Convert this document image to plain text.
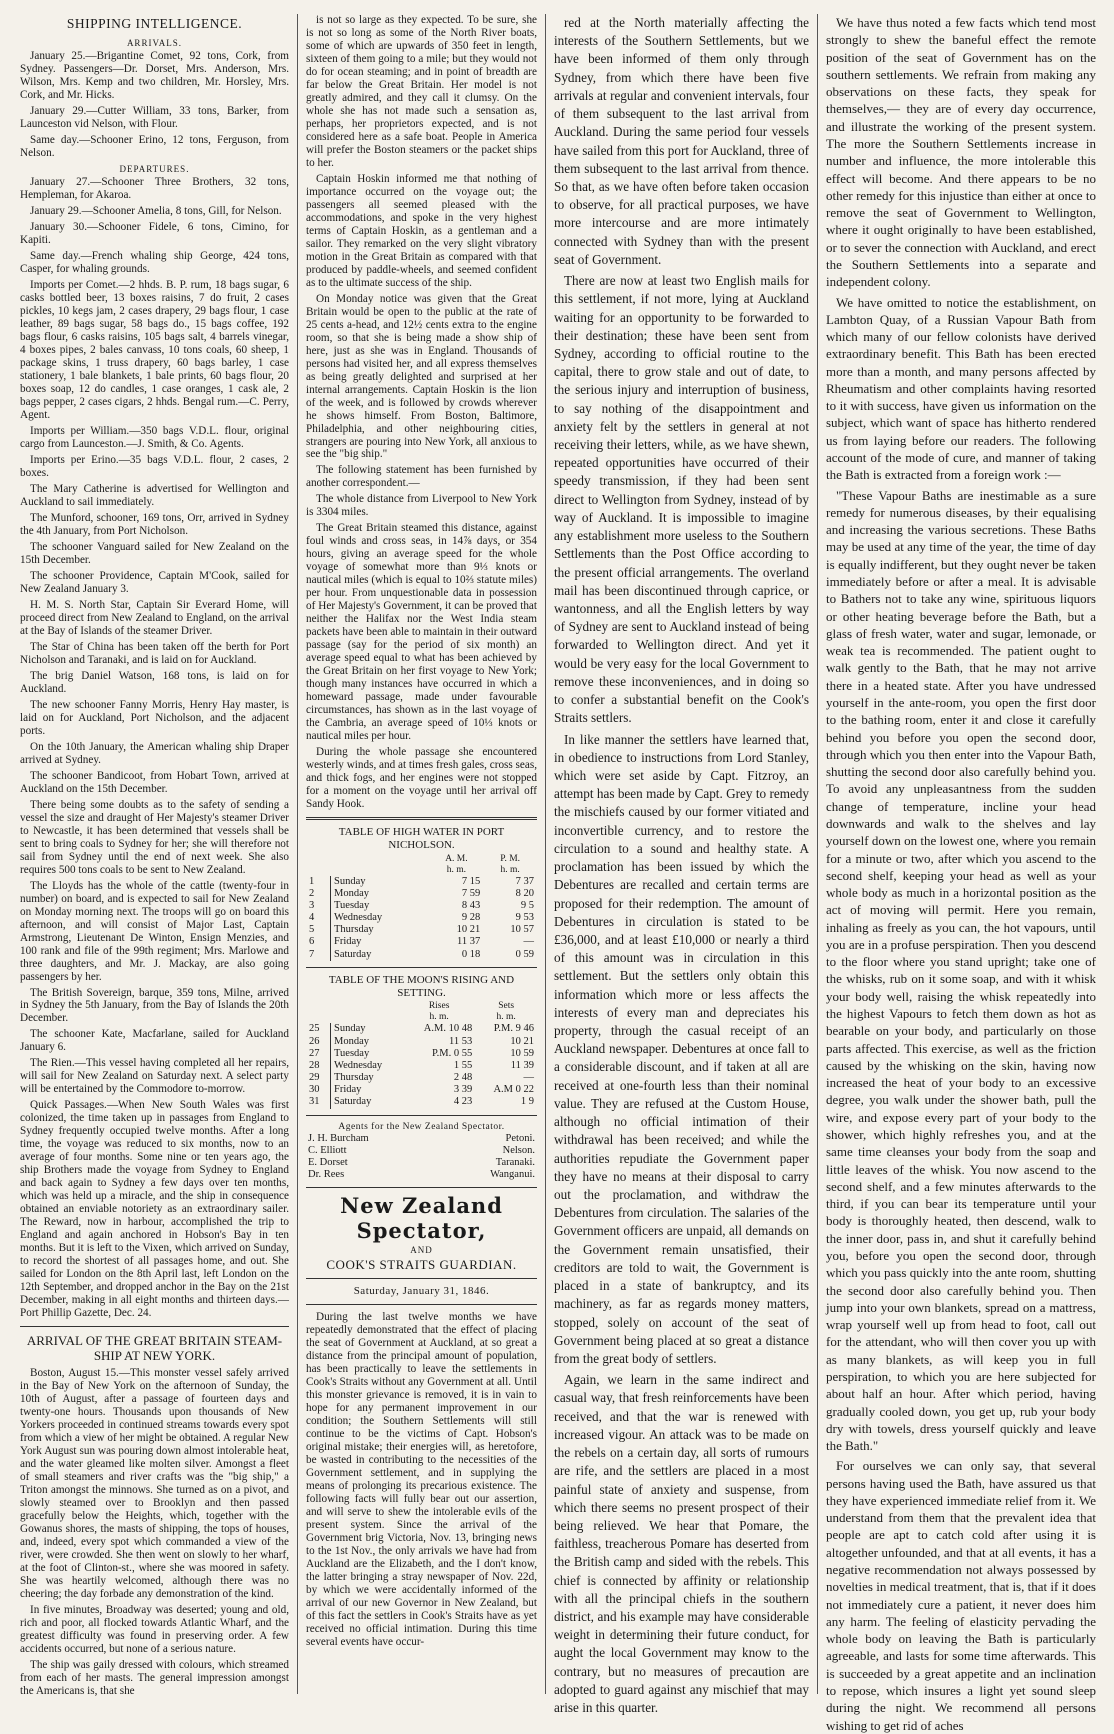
SHIPPING INTELLIGENCE.
ARRIVALS.

January 25.—Brigantine Comet, 92 tons, Cork, from Sydney. Passengers—Dr. Dorset, Mrs. Anderson, Mrs. Wilson, Mrs. Kemp and two children, Mr. Horsley, Mrs. Cork, and Mr. Hicks.

January 29.—Cutter William, 33 tons, Barker, from Launceston vid Nelson, with Flour.

Same day.—Schooner Erino, 12 tons, Ferguson, from Nelson.

DEPARTURES.

January 27.—Schooner Three Brothers, 32 tons, Hempleman, for Akaroa.

January 29.—Schooner Amelia, 8 tons, Gill, for Nelson.

January 30.—Schooner Fidele, 6 tons, Cimino, for Kapiti.

Same day.—French whaling ship George, 424 tons, Casper, for whaling grounds.

Imports per Comet.—2 hhds. B. P. rum, 18 bags sugar, 6 casks bottled beer, 13 boxes raisins, 7 do fruit, 2 cases pickles, 10 kegs jam, 2 cases drapery, 29 bags flour, 1 case leather, 89 bags sugar, 58 bags do., 15 bags coffee, 192 bags flour, 6 casks raisins, 105 bags salt, 4 barrels vinegar, 4 boxes pipes, 2 bales canvass, 10 tons coals, 60 sheep, 1 package skins, 1 truss drapery, 60 bags barley, 1 case stationery, 1 bale blankets, 1 bale prints, 60 bags flour, 20 boxes soap, 12 do candles, 1 case oranges, 1 cask ale, 2 bags pepper, 2 cases cigars, 2 hhds. Bengal rum.—C. Perry, Agent.

Imports per William.—350 bags V.D.L. flour, original cargo from Launceston.—J. Smith, & Co. Agents.

Imports per Erino.—35 bags V.D.L. flour, 2 cases, 2 boxes.

The Mary Catherine is advertised for Wellington and Auckland to sail immediately.

The Munford, schooner, 169 tons, Orr, arrived in Sydney the 4th January, from Port Nicholson.

The schooner Vanguard sailed for New Zealand on the 15th December.

The schooner Providence, Captain M'Cook, sailed for New Zealand January 3.

H. M. S. North Star, Captain Sir Everard Home, will proceed direct from New Zealand to England, on the arrival at the Bay of Islands of the steamer Driver.

The Star of China has been taken off the berth for Port Nicholson and Taranaki, and is laid on for Auckland.

The brig Daniel Watson, 168 tons, is laid on for Auckland.

The new schooner Fanny Morris, Henry Hay master, is laid on for Auckland, Port Nicholson, and the adjacent ports.

On the 10th January, the American whaling ship Draper arrived at Sydney.

The schooner Bandicoot, from Hobart Town, arrived at Auckland on the 15th December.

There being some doubts as to the safety of sending a vessel the size and draught of Her Majesty's steamer Driver to Newcastle, it has been determined that vessels shall be sent to bring coals to Sydney for her; she will therefore not sail from Sydney until the end of next week. She also requires 500 tons coals to be sent to New Zealand.

The Lloyds has the whole of the cattle (twenty-four in number) on board, and is expected to sail for New Zealand on Monday morning next. The troops will go on board this afternoon, and will consist of Major Last, Captain Armstrong, Lieutenant De Winton, Ensign Menzies, and 100 rank and file of the 99th regiment; Mrs. Marlowe and three daughters, and Mr. J. Mackay, are also going passengers by her.

The British Sovereign, barque, 359 tons, Milne, arrived in Sydney the 5th January, from the Bay of Islands the 20th December.

The schooner Kate, Macfarlane, sailed for Auckland January 6.

The Rien.—This vessel having completed all her repairs, will sail for New Zealand on Saturday next. A select party will be entertained by the Commodore to-morrow.

Quick Passages.—When New South Wales was first colonized, the time taken up in passages from England to Sydney frequently occupied twelve months. After a long time, the voyage was reduced to six months, now to an average of four months. Some nine or ten years ago, the ship Brothers made the voyage from Sydney to England and back again to Sydney a few days over ten months, which was held up a miracle, and the ship in consequence obtained an enviable notoriety as an extraordinary sailer. The Reward, now in harbour, accomplished the trip to England and again anchored in Hobson's Bay in ten months. But it is left to the Vixen, which arrived on Sunday, to record the shortest of all passages home, and out. She sailed for London on the 8th April last, left London on the 12th September, and dropped anchor in the Bay on the 21st December, making in all eight months and thirteen days.—Port Phillip Gazette, Dec. 24.

ARRIVAL OF THE GREAT BRITAIN STEAM-SHIP AT NEW YORK.

Boston, August 15.—This monster vessel safely arrived in the Bay of New York on the afternoon of Sunday, the 10th of August, after a passage of fourteen days and twenty-one hours. Thousands upon thousands of New Yorkers proceeded in continued streams towards every spot from which a view of her might be obtained. A regular New York August sun was pouring down almost intolerable heat, and the water gleamed like molten silver. Amongst a fleet of small steamers and river crafts was the "big ship," a Triton amongst the minnows. She turned as on a pivot, and slowly steamed over to Brooklyn and then passed gracefully below the Heights, which, together with the Gowanus shores, the masts of shipping, the tops of houses, and, indeed, every spot which commanded a view of the river, were crowded. She then went on slowly to her wharf, at the foot of Clinton-st., where she was moored in safety. She was heartily welcomed, although there was no cheering; the day forbade any demonstration of the kind.

In five minutes, Broadway was deserted; young and old, rich and poor, all flocked towards Atlantic Wharf, and the greatest difficulty was found in preserving order. A few accidents occurred, but none of a serious nature.

The ship was gaily dressed with colours, which streamed from each of her masts. The general impression amongst the Americans is, that she

is not so large as they expected. To be sure, she is not so long as some of the North River boats, some of which are upwards of 350 feet in length, sixteen of them going to a mile; but they would not do for ocean steaming; and in point of breadth are far below the Great Britain. Her model is not greatly admired, and they call it clumsy. On the whole she has not made such a sensation as, perhaps, her proprietors expected, and is not considered here as a safe boat. People in America will prefer the Boston steamers or the packet ships to her.

Captain Hoskin informed me that nothing of importance occurred on the voyage out; the passengers all seemed pleased with the accommodations, and spoke in the very highest terms of Captain Hoskin, as a gentleman and a sailor. They remarked on the very slight vibratory motion in the Great Britain as compared with that produced by paddle-wheels, and seemed confident as to the ultimate success of the ship.

On Monday notice was given that the Great Britain would be open to the public at the rate of 25 cents a-head, and 12½ cents extra to the engine room, so that she is being made a show ship of here, just as she was in England. Thousands of persons had visited her, and all express themselves as being greatly delighted and surprised at her internal arrangements. Captain Hoskin is the lion of the week, and is followed by crowds wherever he shows himself. From Boston, Baltimore, Philadelphia, and other neighbouring cities, strangers are pouring into New York, all anxious to see the "big ship."

The following statement has been furnished by another correspondent.—

The whole distance from Liverpool to New York is 3304 miles.

The Great Britain steamed this distance, against foul winds and cross seas, in 14⅞ days, or 354 hours, giving an average speed for the whole voyage of somewhat more than 9⅓ knots or nautical miles (which is equal to 10⅔ statute miles) per hour. From unquestionable data in possession of Her Majesty's Government, it can be proved that neither the Halifax nor the West India steam packets have been able to maintain in their outward passage (say for the period of six month) an average speed equal to what has been achieved by the Great Britain on her first voyage to New York; though many instances have occurred in which a homeward passage, made under favourable circumstances, has shown as in the last voyage of the Cambria, an average speed of 10⅓ knots or nautical miles per hour.

During the whole passage she encountered westerly winds, and at times fresh gales, cross seas, and thick fogs, and her engines were not stopped for a moment on the voyage until her arrival off Sandy Hook.

TABLE OF HIGH WATER IN PORT NICHOLSON.
		A. M.	P. M.
		h. m.	h. m.
1	Sunday	7 15	7 37
2	Monday	7 59	8 20
3	Tuesday	8 43	9 5
4	Wednesday	9 28	9 53
5	Thursday	10 21	10 57
6	Friday	11 37	—
7	Saturday	0 18	0 59
TABLE OF THE MOON'S RISING AND SETTING.
		Rises	Sets
		h. m.	h. m.
25	Sunday	A.M. 10 48	P.M. 9 46
26	Monday	11 53	10 21
27	Tuesday	P.M. 0 55	10 59
28	Wednesday	1 55	11 39
29	Thursday	2 48	—
30	Friday	3 39	A.M 0 22
31	Saturday	4 23	1 9
Agents for the New Zealand Spectator.
J. H. Burcham	Petoni.
C. Elliott	Nelson.
E. Dorset	Taranaki.
Dr. Rees	Wanganui.
New Zealand Spectator,
AND
COOK'S STRAITS GUARDIAN.
Saturday, January 31, 1846.

During the last twelve months we have repeatedly demonstrated that the effect of placing the seat of Government at Auckland, at so great a distance from the principal amount of population, has been practically to leave the settlements in Cook's Straits without any Government at all. Until this monster grievance is removed, it is in vain to hope for any permanent improvement in our condition; the Southern Settlements will still continue to be the victims of Capt. Hobson's original mistake; their energies will, as heretofore, be wasted in contributing to the necessities of the Government settlement, and in supplying the means of prolonging its precarious existence. The following facts will fully bear out our assertion, and will serve to shew the intolerable evils of the present system. Since the arrival of the Government brig Victoria, Nov. 13, bringing news to the 1st Nov., the only arrivals we have had from Auckland are the Elizabeth, and the I don't know, the latter bringing a stray newspaper of Nov. 22d, by which we were accidentally informed of the arrival of our new Governor in New Zealand, but of this fact the settlers in Cook's Straits have as yet received no official intimation. During this time several events have occur-

red at the North materially affecting the interests of the Southern Settlements, but we have been informed of them only through Sydney, from which there have been five arrivals at regular and convenient intervals, four of them subsequent to the last arrival from Auckland. During the same period four vessels have sailed from this port for Auckland, three of them subsequent to the last arrival from thence. So that, as we have often before taken occasion to observe, for all practical purposes, we have more intercourse and are more intimately connected with Sydney than with the present seat of Government.

There are now at least two English mails for this settlement, if not more, lying at Auckland waiting for an opportunity to be forwarded to their destination; these have been sent from Sydney, according to official routine to the capital, there to grow stale and out of date, to the serious injury and interruption of business, to say nothing of the disappointment and anxiety felt by the settlers in general at not receiving their letters, while, as we have shewn, repeated opportunities have occurred of their speedy transmission, if they had been sent direct to Wellington from Sydney, instead of by way of Auckland. It is impossible to imagine any establishment more useless to the Southern Settlements than the Post Office according to the present official arrangements. The overland mail has been discontinued through caprice, or wantonness, and all the English letters by way of Sydney are sent to Auckland instead of being forwarded to Wellington direct. And yet it would be very easy for the local Government to remove these inconveniences, and in doing so to confer a substantial benefit on the Cook's Straits settlers.

In like manner the settlers have learned that, in obedience to instructions from Lord Stanley, which were set aside by Capt. Fitzroy, an attempt has been made by Capt. Grey to remedy the mischiefs caused by our former vitiated and inconvertible currency, and to restore the circulation to a sound and healthy state. A proclamation has been issued by which the Debentures are recalled and certain terms are proposed for their redemption. The amount of Debentures in circulation is stated to be £36,000, and at least £10,000 or nearly a third of this amount was in circulation in this settlement. But the settlers only obtain this information which more or less affects the interests of every man and depreciates his property, through the casual receipt of an Auckland newspaper. Debentures at once fall to a considerable discount, and if taken at all are received at one-fourth less than their nominal value. They are refused at the Custom House, although no official intimation of their withdrawal has been received; and while the authorities repudiate the Government paper they have no means at their disposal to carry out the proclamation, and withdraw the Debentures from circulation. The salaries of the Government officers are unpaid, all demands on the Government remain unsatisfied, their creditors are told to wait, the Government is placed in a state of bankruptcy, and its machinery, as far as regards money matters, stopped, solely on account of the seat of Government being placed at so great a distance from the great body of settlers.

Again, we learn in the same indirect and casual way, that fresh reinforcements have been received, and that the war is renewed with increased vigour. An attack was to be made on the rebels on a certain day, all sorts of rumours are rife, and the settlers are placed in a most painful state of anxiety and suspense, from which there seems no present prospect of their being relieved. We hear that Pomare, the faithless, treacherous Pomare has deserted from the British camp and sided with the rebels. This chief is connected by affinity or relationship with all the principal chiefs in the southern district, and his example may have considerable weight in determining their future conduct, for aught the local Government may know to the contrary, but no measures of precaution are adopted to guard against any mischief that may arise in this quarter.

We have thus noted a few facts which tend most strongly to shew the baneful effect the remote position of the seat of Government has on the southern settlements. We refrain from making any observations on these facts, they speak for themselves,— they are of every day occurrence, and illustrate the working of the present system. The more the Southern Settlements increase in number and influence, the more intolerable this effect will become. And there appears to be no other remedy for this injustice than either at once to remove the seat of Government to Wellington, where it ought originally to have been established, or to sever the connection with Auckland, and erect the Southern Settlements into a separate and independent colony.

We have omitted to notice the establishment, on Lambton Quay, of a Russian Vapour Bath from which many of our fellow colonists have derived extraordinary benefit. This Bath has been erected more than a month, and many persons affected by Rheumatism and other complaints having resorted to it with success, have given us information on the subject, which want of space has hitherto rendered us from laying before our readers. The following account of the mode of cure, and manner of taking the Bath is extracted from a foreign work :—

"These Vapour Baths are inestimable as a sure remedy for numerous diseases, by their equalising and increasing the various secretions. These Baths may be used at any time of the year, the time of day is equally indifferent, but they ought never be taken immediately before or after a meal. It is advisable to Bathers not to take any wine, spirituous liquors or other heating beverage before the Bath, but a glass of fresh water, water and sugar, lemonade, or weak tea is recommended. The patient ought to walk gently to the Bath, that he may not arrive there in a heated state. After you have undressed yourself in the ante-room, you open the first door to the bathing room, enter it and close it carefully behind you before you open the second door, through which you then enter into the Vapour Bath, shutting the second door also carefully behind you. To avoid any unpleasantness from the sudden change of temperature, incline your head downwards and walk to the shelves and lay yourself down on the lowest one, where you remain for a minute or two, after which you ascend to the second shelf, keeping your head as well as your whole body as much in a horizontal position as the act of moving will permit. Here you remain, inhaling as freely as you can, the hot vapours, until you are in a profuse perspiration. Then you descend to the floor where you stand upright; take one of the whisks, rub on it some soap, and with it whisk your body well, raising the whisk repeatedly into the highest Vapours to fetch them down as hot as bearable on your body, and particularly on those parts affected. This exercise, as well as the friction caused by the whisking on the skin, having now increased the heat of your body to an excessive degree, you walk under the shower bath, pull the wire, and expose every part of your body to the shower, which highly refreshes you, and at the same time cleanses your body from the soap and little leaves of the whisk. You now ascend to the second shelf, and a few minutes afterwards to the third, if you can bear its temperature until your body is thoroughly heated, then descend, walk to the inner door, pass in, and shut it carefully behind you, before you open the second door, through which you pass quickly into the ante room, shutting the second door also carefully behind you. Then jump into your own blankets, spread on a mattress, wrap yourself well up from head to foot, call out for the attendant, who will then cover you up with as many blankets, as will keep you in full perspiration, to which you are here subjected for about half an hour. After which period, having gradually cooled down, you get up, rub your body dry with towels, dress yourself quickly and leave the Bath."

For ourselves we can only say, that several persons having used the Bath, have assured us that they have experienced immediate relief from it. We understand from them that the prevalent idea that people are apt to catch cold after using it is altogether unfounded, and that at all events, it has a negative recommendation not always possessed by novelties in medical treatment, that is, that if it does not immediately cure a patient, it never does him any harm. The feeling of elasticity pervading the whole body on leaving the Bath is particularly agreeable, and lasts for some time afterwards. This is succeeded by a great appetite and an inclination to repose, which insures a light yet sound sleep during the night. We recommend all persons wishing to get rid of aches
